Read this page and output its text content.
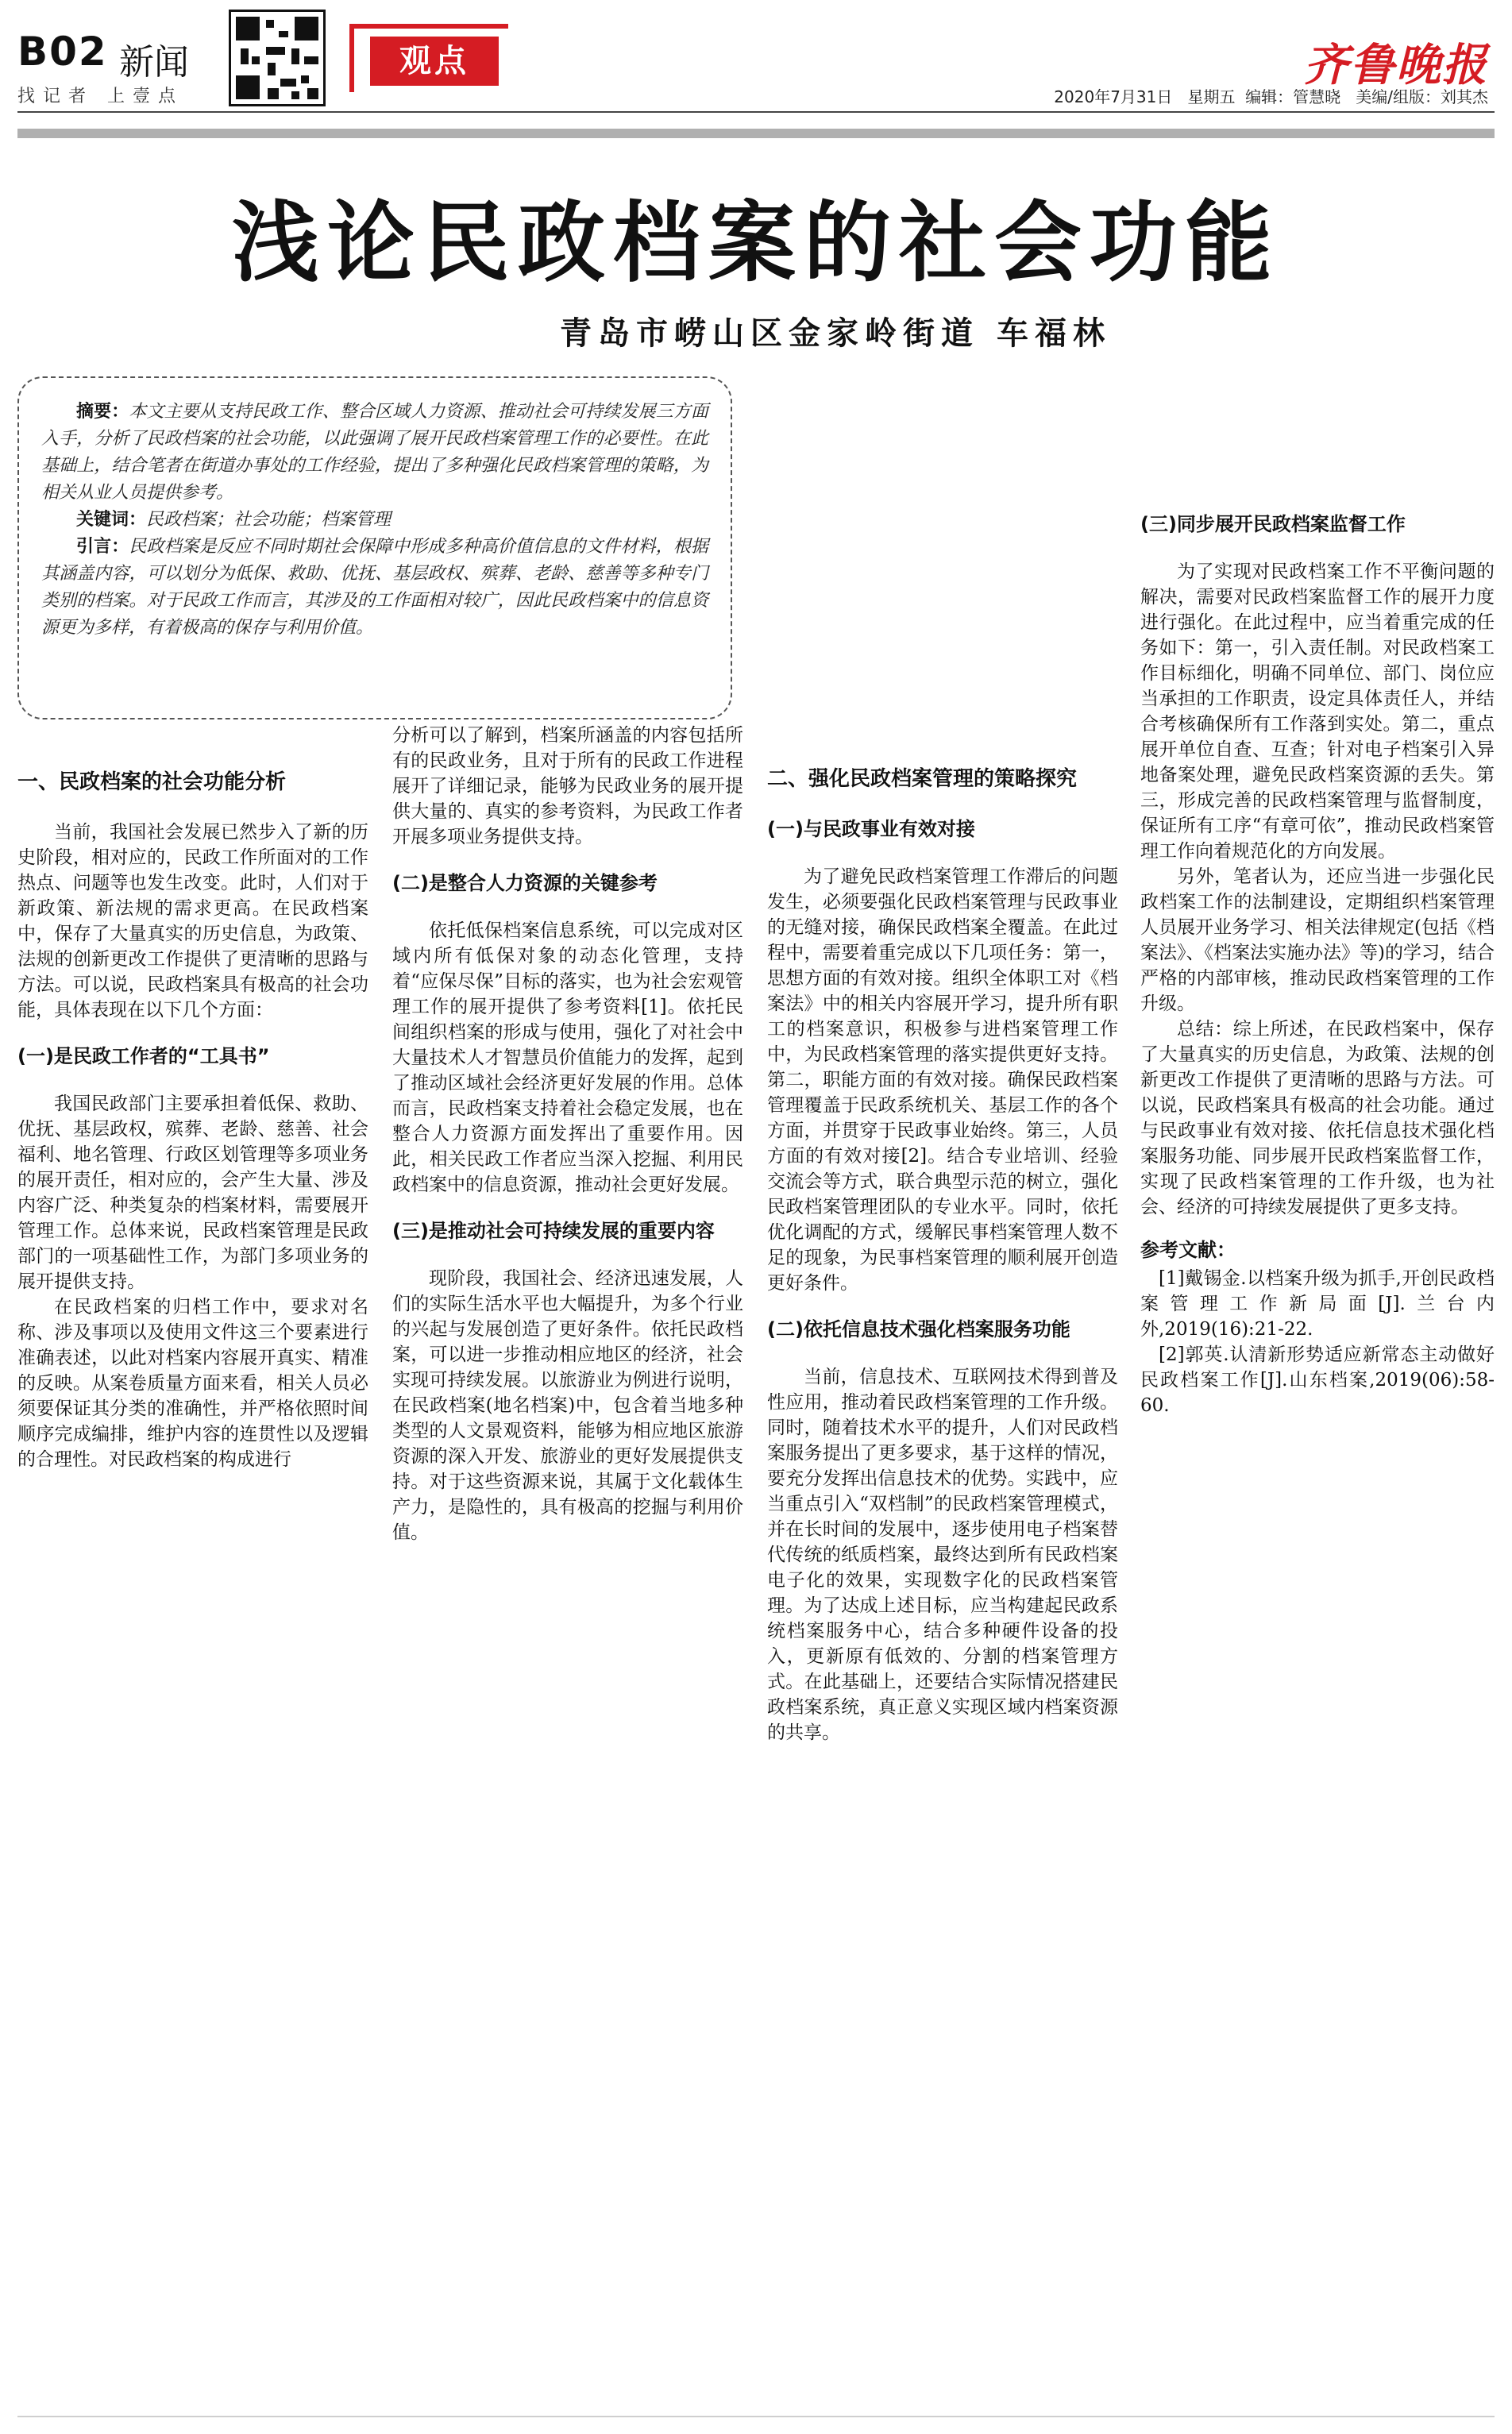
B02 新闻
找记者 上壹点
观点	齐鲁晚报
2020年7月31日 星期五 编辑：管慧晓 美编/组版：刘其杰
浅论民政档案的社会功能
青岛市崂山区金家岭街道 车福林

摘要：本文主要从支持民政工作、整合区域人力资源、推动社会可持续发展三方面入手，分析了民政档案的社会功能，以此强调了展开民政档案管理工作的必要性。在此基础上，结合笔者在街道办事处的工作经验，提出了多种强化民政档案管理的策略，为相关从业人员提供参考。

关键词：民政档案；社会功能；档案管理

引言：民政档案是反应不同时期社会保障中形成多种高价值信息的文件材料，根据其涵盖内容，可以划分为低保、救助、优抚、基层政权、殡葬、老龄、慈善等多种专门类别的档案。对于民政工作而言，其涉及的工作面相对较广，因此民政档案中的信息资源更为多样，有着极高的保存与利用价值。

一、民政档案的社会功能分析

当前，我国社会发展已然步入了新的历史阶段，相对应的，民政工作所面对的工作热点、问题等也发生改变。此时，人们对于新政策、新法规的需求更高。在民政档案中，保存了大量真实的历史信息，为政策、法规的创新更改工作提供了更清晰的思路与方法。可以说，民政档案具有极高的社会功能，具体表现在以下几个方面：

(一)是民政工作者的“工具书”

我国民政部门主要承担着低保、救助、优抚、基层政权，殡葬、老龄、慈善、社会福利、地名管理、行政区划管理等多项业务的展开责任，相对应的，会产生大量、涉及内容广泛、种类复杂的档案材料，需要展开管理工作。总体来说，民政档案管理是民政部门的一项基础性工作，为部门多项业务的展开提供支持。

在民政档案的归档工作中，要求对名称、涉及事项以及使用文件这三个要素进行准确表述，以此对档案内容展开真实、精准的反映。从案卷质量方面来看，相关人员必须要保证其分类的准确性，并严格依照时间顺序完成编排，维护内容的连贯性以及逻辑的合理性。对民政档案的构成进行

分析可以了解到，档案所涵盖的内容包括所有的民政业务，且对于所有的民政工作进程展开了详细记录，能够为民政业务的展开提供大量的、真实的参考资料，为民政工作者开展多项业务提供支持。

(二)是整合人力资源的关键参考

依托低保档案信息系统，可以完成对区域内所有低保对象的动态化管理，支持着“应保尽保”目标的落实，也为社会宏观管理工作的展开提供了参考资料[1]。依托民间组织档案的形成与使用，强化了对社会中大量技术人才智慧员价值能力的发挥，起到了推动区域社会经济更好发展的作用。总体而言，民政档案支持着社会稳定发展，也在整合人力资源方面发挥出了重要作用。因此，相关民政工作者应当深入挖掘、利用民政档案中的信息资源，推动社会更好发展。

(三)是推动社会可持续发展的重要内容

现阶段，我国社会、经济迅速发展，人们的实际生活水平也大幅提升，为多个行业的兴起与发展创造了更好条件。依托民政档案，可以进一步推动相应地区的经济，社会实现可持续发展。以旅游业为例进行说明，在民政档案(地名档案)中，包含着当地多种类型的人文景观资料，能够为相应地区旅游资源的深入开发、旅游业的更好发展提供支持。对于这些资源来说，其属于文化载体生产力，是隐性的，具有极高的挖掘与利用价值。

二、强化民政档案管理的策略探究
(一)与民政事业有效对接

为了避免民政档案管理工作滞后的问题发生，必须要强化民政档案管理与民政事业的无缝对接，确保民政档案全覆盖。在此过程中，需要着重完成以下几项任务：第一，思想方面的有效对接。组织全体职工对《档案法》中的相关内容展开学习，提升所有职工的档案意识，积极参与进档案管理工作中，为民政档案管理的落实提供更好支持。第二，职能方面的有效对接。确保民政档案管理覆盖于民政系统机关、基层工作的各个方面，并贯穿于民政事业始终。第三，人员方面的有效对接[2]。结合专业培训、经验交流会等方式，联合典型示范的树立，强化民政档案管理团队的专业水平。同时，依托优化调配的方式，缓解民事档案管理人数不足的现象，为民事档案管理的顺利展开创造更好条件。

(二)依托信息技术强化档案服务功能

当前，信息技术、互联网技术得到普及性应用，推动着民政档案管理的工作升级。同时，随着技术水平的提升，人们对民政档案服务提出了更多要求，基于这样的情况，要充分发挥出信息技术的优势。实践中，应当重点引入“双档制”的民政档案管理模式，并在长时间的发展中，逐步使用电子档案替代传统的纸质档案，最终达到所有民政档案电子化的效果，实现数字化的民政档案管理。为了达成上述目标，应当构建起民政系统档案服务中心，结合多种硬件设备的投入，更新原有低效的、分割的档案管理方式。在此基础上，还要结合实际情况搭建民政档案系统，真正意义实现区域内档案资源的共享。

(三)同步展开民政档案监督工作

为了实现对民政档案工作不平衡问题的解决，需要对民政档案监督工作的展开力度进行强化。在此过程中，应当着重完成的任务如下：第一，引入责任制。对民政档案工作目标细化，明确不同单位、部门、岗位应当承担的工作职责，设定具体责任人，并结合考核确保所有工作落到实处。第二，重点展开单位自查、互查；针对电子档案引入异地备案处理，避免民政档案资源的丢失。第三，形成完善的民政档案管理与监督制度，保证所有工序“有章可依”，推动民政档案管理工作向着规范化的方向发展。

另外，笔者认为，还应当进一步强化民政档案工作的法制建设，定期组织档案管理人员展开业务学习、相关法律规定(包括《档案法》、《档案法实施办法》等)的学习，结合严格的内部审核，推动民政档案管理的工作升级。

总结：综上所述，在民政档案中，保存了大量真实的历史信息，为政策、法规的创新更改工作提供了更清晰的思路与方法。可以说，民政档案具有极高的社会功能。通过与民政事业有效对接、依托信息技术强化档案服务功能、同步展开民政档案监督工作，实现了民政档案管理的工作升级，也为社会、经济的可持续发展提供了更多支持。

参考文献：

[1]戴锡金.以档案升级为抓手,开创民政档案管理工作新局面[J].兰台内外,2019(16):21-22.

[2]郭英.认清新形势适应新常态主动做好民政档案工作[J].山东档案,2019(06):58-60.
